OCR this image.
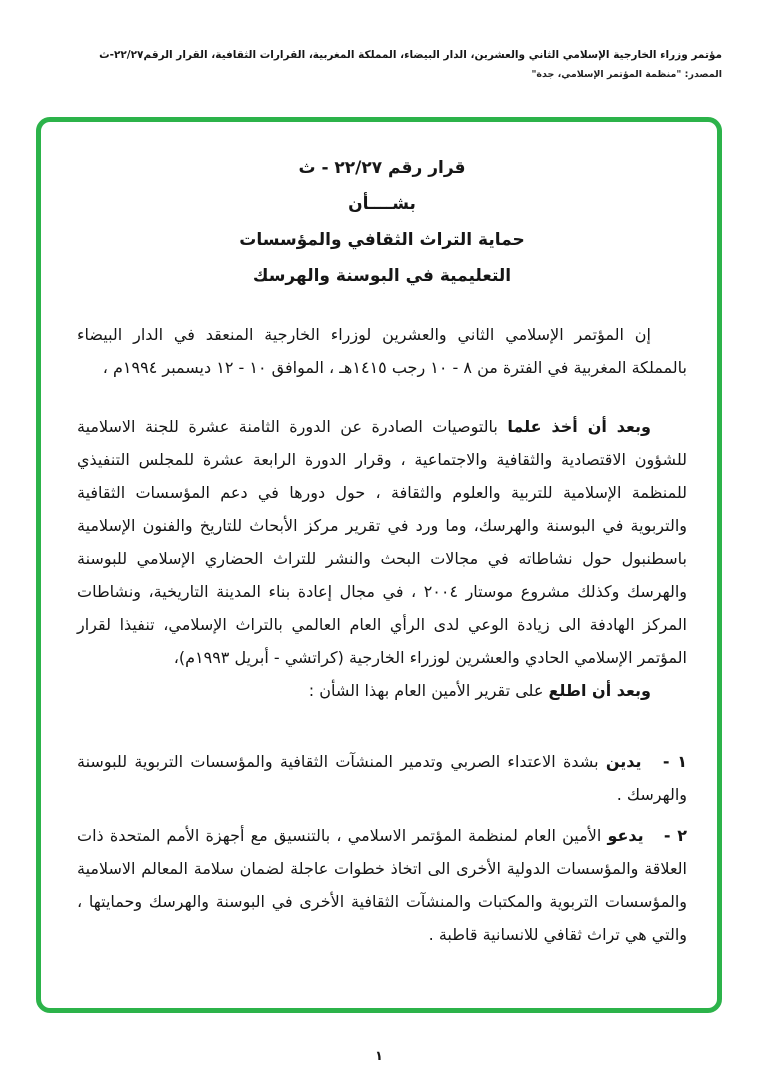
مؤتمر وزراء الخارجية الإسلامي الثاني والعشرين، الدار البيضاء، المملكة المغربية، القرارات الثقافية، القرار الرقم٢٢/٢٧-ث
المصدر: "منظمة المؤتمر الإسلامي، جدة"
قرار رقم ٢٢/٢٧ - ث
بشــــأن
حماية التراث الثقافي والمؤسسات
التعليمية في البوسنة والهرسك

إن المؤتمر الإسلامي الثاني والعشرين لوزراء الخارجية المنعقد في الدار البيضاء بالمملكة المغربية في الفترة من ٨ - ١٠ رجب ١٤١٥هـ ، الموافق ١٠ - ١٢ ديسمبر ١٩٩٤م ،

وبعد أن أخذ علما بالتوصيات الصادرة عن الدورة الثامنة عشرة للجنة الاسلامية للشؤون الاقتصادية والثقافية والاجتماعية ، وقرار الدورة الرابعة عشرة للمجلس التنفيذي للمنظمة الإسلامية للتربية والعلوم والثقافة ، حول دورها في دعم المؤسسات الثقافية والتربوية في البوسنة والهرسك، وما ورد في تقرير مركز الأبحاث للتاريخ والفنون الإسلامية باسطنبول حول نشاطاته في مجالات البحث والنشر للتراث الحضاري الإسلامي للبوسنة والهرسك وكذلك مشروع موستار ٢٠٠٤ ، في مجال إعادة بناء المدينة التاريخية، ونشاطات المركز الهادفة الى زيادة الوعي لدى الرأي العام العالمي بالتراث الإسلامي، تنفيذا لقرار المؤتمر الإسلامي الحادي والعشرين لوزراء الخارجية (كراتشي - أبريل ١٩٩٣م)،

وبعد أن اطلع على تقرير الأمين العام بهذا الشأن :

١ - يدين بشدة الاعتداء الصربي وتدمير المنشآت الثقافية والمؤسسات التربوية للبوسنة والهرسك .
٢ - يدعو الأمين العام لمنظمة المؤتمر الاسلامي ، بالتنسيق مع أجهزة الأمم المتحدة ذات العلاقة والمؤسسات الدولية الأخرى الى اتخاذ خطوات عاجلة لضمان سلامة المعالم الاسلامية والمؤسسات التربوية والمكتبات والمنشآت الثقافية الأخرى في البوسنة والهرسك وحمايتها ، والتي هي تراث ثقافي للانسانية قاطبة .
١
